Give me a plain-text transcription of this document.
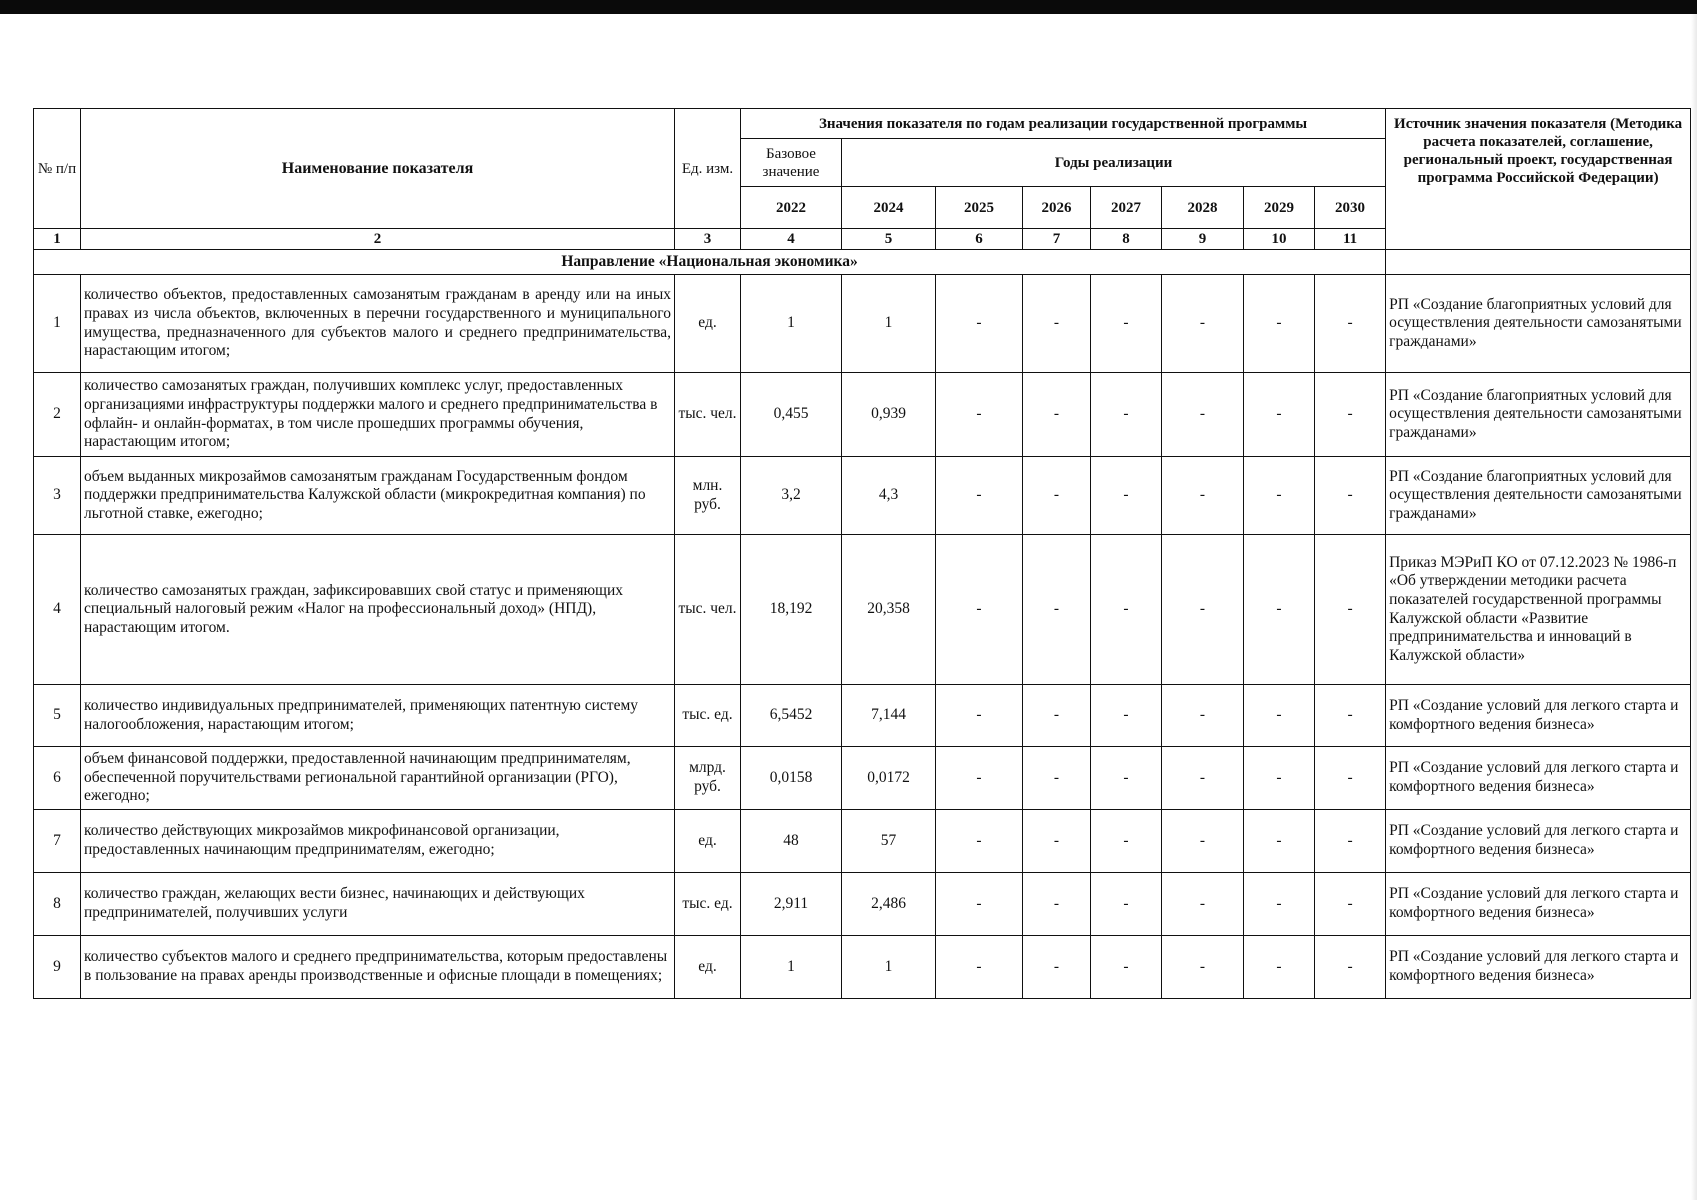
№ п/п	Наименование показателя	Ед. изм.	Значения показателя по годам реализации государственной программы								Источник значения показателя (Методика расчета показателей, соглашение, региональный проект, государственная программа Российской Федерации)
			Базовое значение	Годы реализации							
			2022	2024	2025	2026	2027	2028	2029	2030	
1	2	3	4	5	6	7	8	9	10	11	
Направление «Национальная экономика»											
1	количество объектов, предоставленных самозанятым гражданам в аренду или на иных правах из числа объектов, включенных в перечни государственного и муниципального имущества, предназначенного для субъектов малого и среднего предпринимательства, нарастающим итогом;	ед.	1	1	-	-	-	-	-	-	РП «Создание благоприятных условий для осуществления деятельности самозанятыми гражданами»
2	количество самозанятых граждан, получивших комплекс услуг, предоставленных организациями инфраструктуры поддержки малого и среднего предпринимательства в офлайн- и онлайн-форматах, в том числе прошедших программы обучения, нарастающим итогом;	тыс. чел.	0,455	0,939	-	-	-	-	-	-	РП «Создание благоприятных условий для осуществления деятельности самозанятыми гражданами»
3	объем выданных микрозаймов самозанятым гражданам Государственным фондом поддержки предпринимательства Калужской области (микрокредитная компания) по льготной ставке, ежегодно;	млн. руб.	3,2	4,3	-	-	-	-	-	-	РП «Создание благоприятных условий для осуществления деятельности самозанятыми гражданами»
4	количество самозанятых граждан, зафиксировавших свой статус и применяющих специальный налоговый режим «Налог на профессиональный доход» (НПД), нарастающим итогом.	тыс. чел.	18,192	20,358	-	-	-	-	-	-	Приказ МЭРиП КО от 07.12.2023 № 1986-п «Об утверждении методики расчета показателей государственной программы Калужской области «Развитие предпринимательства и инноваций в Калужской области»
5	количество индивидуальных предпринимателей, применяющих патентную систему налогообложения, нарастающим итогом;	тыс. ед.	6,5452	7,144	-	-	-	-	-	-	РП «Создание условий для легкого старта и комфортного ведения бизнеса»
6	объем финансовой поддержки, предоставленной начинающим предпринимателям, обеспеченной поручительствами региональной гарантийной организации (РГО), ежегодно;	млрд. руб.	0,0158	0,0172	-	-	-	-	-	-	РП «Создание условий для легкого старта и комфортного ведения бизнеса»
7	количество действующих микрозаймов микрофинансовой организации, предоставленных начинающим предпринимателям, ежегодно;	ед.	48	57	-	-	-	-	-	-	РП «Создание условий для легкого старта и комфортного ведения бизнеса»
8	количество граждан, желающих вести бизнес, начинающих и действующих предпринимателей, получивших услуги	тыс. ед.	2,911	2,486	-	-	-	-	-	-	РП «Создание условий для легкого старта и комфортного ведения бизнеса»
9	количество субъектов малого и среднего предпринимательства, которым предоставлены в пользование на правах аренды производственные и офисные площади в помещениях;	ед.	1	1	-	-	-	-	-	-	РП «Создание условий для легкого старта и комфортного ведения бизнеса»
